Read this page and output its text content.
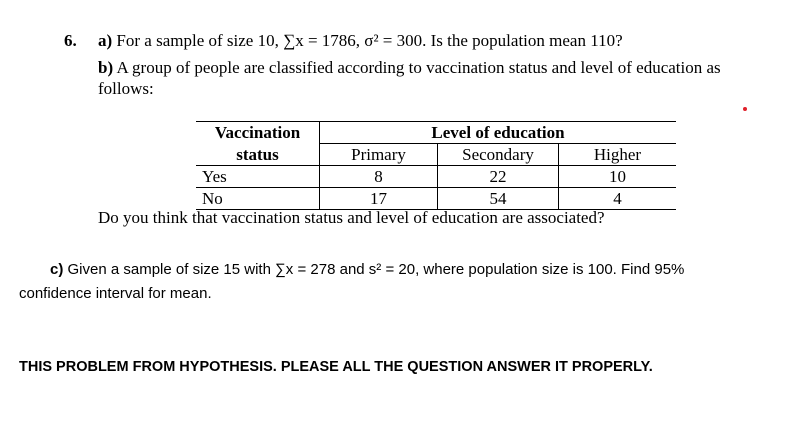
6. a) For a sample of size 10, ∑x = 1786, σ² = 300. Is the population mean 110?
b) A group of people are classified according to vaccination status and level of education as
follows:
Vaccination	Level of education		
status	Primary	Secondary	Higher
Yes	8	22	10
No	17	54	4
Do you think that vaccination status and level of education are associated?
c) Given a sample of size 15 with ∑x = 278 and s² = 20, where population size is 100. Find 95%
confidence interval for mean.
THIS PROBLEM FROM HYPOTHESIS. PLEASE ALL THE QUESTION ANSWER IT PROPERLY.
